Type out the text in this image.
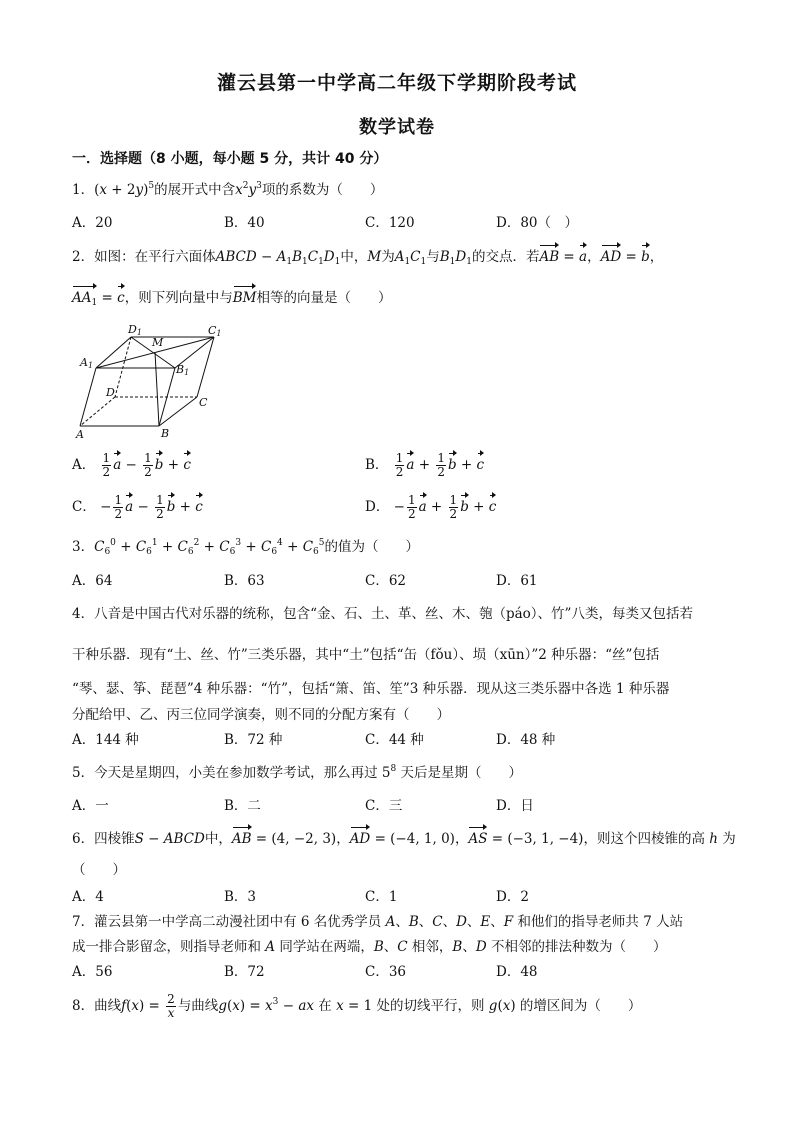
灌云县第一中学高二年级下学期阶段考试
数学试卷
一．选择题（8 小题，每小题 5 分，共计 40 分）
1．$(x + 2y)^5$的展开式中含$x^2y^3$项的系数为（　　）
A．20	B．40	C．120	D．80（　）
2．如图：在平行六面体ABCD − $A_1B_1C_1D_1$中，M为$A_1C_1$与$B_1D_1$的交点．若AB = a，AD = b，
$AA_1 = c$，则下列向量中与BM相等的向量是（　　）
D1
M
C1
A1	B1
D
C
A	B
A． $\frac{1}{2}$ $a - \frac{1}{2}$ b + c	B． $\frac{1}{2}$ $a + \frac{1}{2}$ b + c
C． − $\frac{1}{2}$ $a - \frac{1}{2}$ b + c	D． − $\frac{1}{2}$ $a + \frac{1}{2}$ b + c
3．$C_6^0 + C_6^1 + C_6^2 + C_6^3 + C_6^4 + C_6^5$的值为（　　）
A．64	B．63	C．62	D．61
4．八音是中国古代对乐器的统称，包含“金、石、土、革、丝、木、匏（páo）、竹”八类，每类又包括若
干种乐器．现有“土、丝、竹”三类乐器，其中“土”包括“缶（fǒu）、埙（xūn）”2 种乐器：“丝”包括
“琴、瑟、筝、琵琶”4 种乐器：“竹”，包括“箫、笛、笙”3 种乐器．现从这三类乐器中各选 1 种乐器
分配给甲、乙、丙三位同学演奏，则不同的分配方案有（　　）
A．144 种	B．72 种	C．44 种	D．48 种
5．今天是星期四，小美在参加数学考试，那么再过 $5^8$ 天后是星期（　　）
A．一	B．二	C．三	D．日
6．四棱锥S − ABCD中，AB = (4, −2, 3)，AD = (−4, 1, 0)，AS = (−3, 1, −4)，则这个四棱锥的高 h 为
（　　）
A．4	B．3	C．1	D．2
7．灌云县第一中学高二动漫社团中有 6 名优秀学员 A、B、C、D、E、F 和他们的指导老师共 7 人站
成一排合影留念，则指导老师和 A 同学站在两端，B、C 相邻，B、D 不相邻的排法种数为（　　）
A．56	B．72	C．36	D．48
8．曲线$f(x) = \frac{2}{x}$ 与曲线$g(x) = x^3$ − ax 在 x = 1 处的切线平行，则 g(x) 的增区间为（　　）
